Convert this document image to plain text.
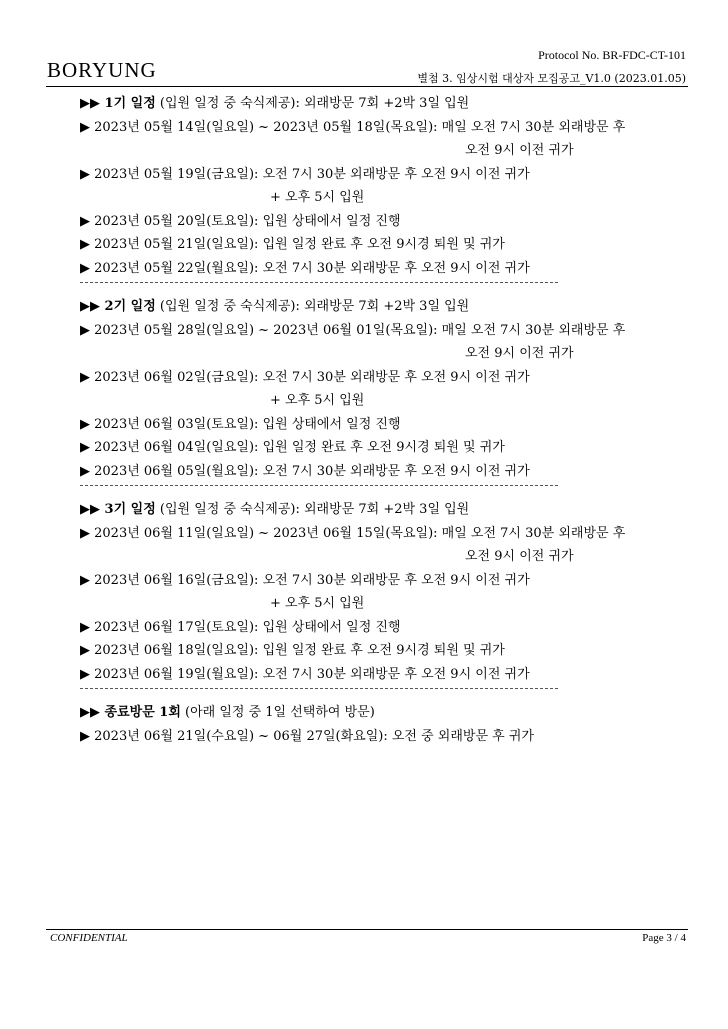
BORYUNG
Protocol No. BR-FDC-CT-101
별첨 3. 임상시험 대상자 모집공고_V1.0 (2023.01.05)
▶▶ 1기 일정 (입원 일정 중 숙식제공): 외래방문 7회 +2박 3일 입원
▶ 2023년 05월 14일(일요일) ~ 2023년 05월 18일(목요일): 매일 오전 7시 30분 외래방문 후
오전 9시 이전 귀가
▶ 2023년 05월 19일(금요일): 오전 7시 30분 외래방문 후 오전 9시 이전 귀가
+ 오후 5시 입원
▶ 2023년 05월 20일(토요일): 입원 상태에서 일정 진행
▶ 2023년 05월 21일(일요일): 입원 일정 완료 후 오전 9시경 퇴원 및 귀가
▶ 2023년 05월 22일(월요일): 오전 7시 30분 외래방문 후 오전 9시 이전 귀가
▶▶ 2기 일정 (입원 일정 중 숙식제공): 외래방문 7회 +2박 3일 입원
▶ 2023년 05월 28일(일요일) ~ 2023년 06월 01일(목요일): 매일 오전 7시 30분 외래방문 후
오전 9시 이전 귀가
▶ 2023년 06월 02일(금요일): 오전 7시 30분 외래방문 후 오전 9시 이전 귀가
+ 오후 5시 입원
▶ 2023년 06월 03일(토요일): 입원 상태에서 일정 진행
▶ 2023년 06월 04일(일요일): 입원 일정 완료 후 오전 9시경 퇴원 및 귀가
▶ 2023년 06월 05일(월요일): 오전 7시 30분 외래방문 후 오전 9시 이전 귀가
▶▶ 3기 일정 (입원 일정 중 숙식제공): 외래방문 7회 +2박 3일 입원
▶ 2023년 06월 11일(일요일) ~ 2023년 06월 15일(목요일): 매일 오전 7시 30분 외래방문 후
오전 9시 이전 귀가
▶ 2023년 06월 16일(금요일): 오전 7시 30분 외래방문 후 오전 9시 이전 귀가
+ 오후 5시 입원
▶ 2023년 06월 17일(토요일): 입원 상태에서 일정 진행
▶ 2023년 06월 18일(일요일): 입원 일정 완료 후 오전 9시경 퇴원 및 귀가
▶ 2023년 06월 19일(월요일): 오전 7시 30분 외래방문 후 오전 9시 이전 귀가
▶▶ 종료방문 1회 (아래 일정 중 1일 선택하여 방문)
▶ 2023년 06월 21일(수요일) ~ 06월 27일(화요일): 오전 중 외래방문 후 귀가
CONFIDENTIAL	Page 3 / 4
